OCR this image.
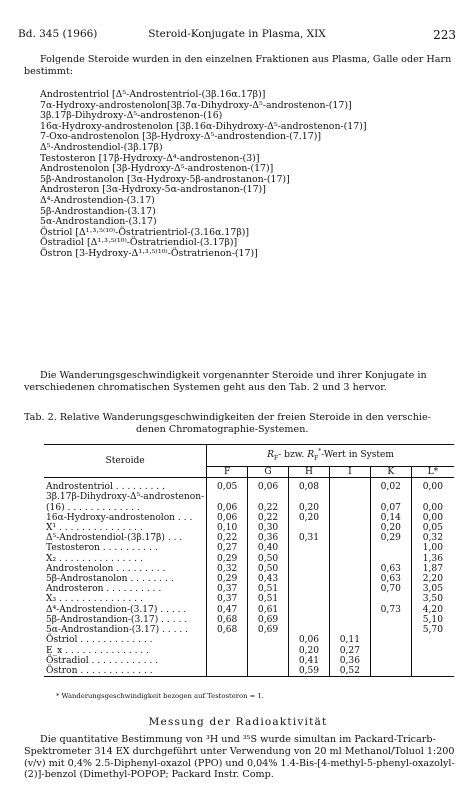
Bd. 345 (1966)	Steroid-Konjugate in Plasma, XIX	223
Folgende Steroide wurden in den einzelnen Fraktionen aus Plasma, Galle oder Harn bestimmt:
Androstentriol [Δ⁵-Androstentriol-(3β.16α.17β)]
7α-Hydroxy-androstenolon[3β.7α-Dihydroxy-Δ⁵-androstenon-(17)]
3β.17β-Dihydroxy-Δ⁵-androstenon-(16)
16α-Hydroxy-androstenolon [3β.16α-Dihydroxy-Δ⁵-androstenon-(17)]
7-Oxo-androstenolon [3β-Hydroxy-Δ⁵-androstendion-(7.17)]
Δ⁵-Androstendiol-(3β.17β)
Testosteron [17β-Hydroxy-Δ⁴-androstenon-(3)]
Androstenolon [3β-Hydroxy-Δ⁵-androstenon-(17)]
5β-Androstanolon [3α-Hydroxy-5β-androstanon-(17)]
Androsteron [3α-Hydroxy-5α-androstanon-(17)]
Δ⁴-Androstendion-(3.17)
5β-Androstandion-(3.17)
5α-Androstandion-(3.17)
Östriol [Δ¹·³·⁵⁽¹⁰⁾-Östratrientriol-(3.16α.17β)]
Östradiol [Δ¹·³·⁵⁽¹⁰⁾-Östratriendiol-(3.17β)]
Östron [3-Hydroxy-Δ¹·³·⁵⁽¹⁰⁾-Östratrienon-(17)]
Die Wanderungsgeschwindigkeit vorgenannter Steroide und ihrer Konjugate in verschiedenen chromatischen Systemen geht aus den Tab. 2 und 3 hervor.
Tab. 2. Relative Wanderungsgeschwindigkeiten der freien Steroide in den verschie-
denen Chromatographie-Systemen.
Steroide	$R_F-$ bzw. $R_F^*$-Wert in System					
	F	G	H	I	K	L*
Androstentriol . . . . . . . . .	0,05	0,06	0,08		0,02	0,00
3β.17β-Dihydroxy-Δ⁵-androstenon-						
(16) . . . . . . . . . . . . .	0,06	0,22	0,20		0,07	0,00
16α-Hydroxy-androstenolon . . .	0,06	0,22	0,20		0,14	0,00
X¹ . . . . . . . . . . . . . . .	0,10	0,30			0,20	0,05
Δ⁵-Androstendiol-(3β.17β) . . .	0,22	0,36	0,31		0,29	0,32
Testosteron . . . . . . . . . .	0,27	0,40				1,00
X₂ . . . . . . . . . . . . . . .	0,29	0,50				1,36
Androstenolon . . . . . . . . .	0,32	0,50			0,63	1,87
5β-Androstanolon . . . . . . . .	0,29	0,43			0,63	2,20
Androsteron . . . . . . . . . .	0,37	0,51			0,70	3,05
X₃ . . . . . . . . . . . . . . .	0,37	0,51				3,50
Δ⁴-Androstendion-(3.17) . . . . .	0,47	0,61			0,73	4,20
5β-Androstandion-(3.17) . . . . .	0,68	0,69				5,10
5α-Androstandion-(3.17) . . . . .	0,68	0,69				5,70
Östriol . . . . . . . . . . . . .			0,06	0,11		
E_x . . . . . . . . . . . . . . .			0,20	0,27		
Östradiol . . . . . . . . . . . .			0,41	0,36		
Östron . . . . . . . . . . . . .			0,59	0,52		
* Wanderungsgeschwindigkeit bezogen auf Testosteron = 1.
Messung der Radioaktivität
Die quantitative Bestimmung von ³H und ³⁵S wurde simultan im Packard-Tricarb-Spektrometer 314 EX durchgeführt unter Verwendung von 20 ml Methanol/Toluol 1:200 (v/v) mit 0,4% 2.5-Diphenyl-oxazol (PPO) und 0,04% 1.4-Bis-[4-methyl-5-phenyl-oxazolyl-(2)]-benzol (Dimethyl-POPOP; Packard Instr. Comp.
